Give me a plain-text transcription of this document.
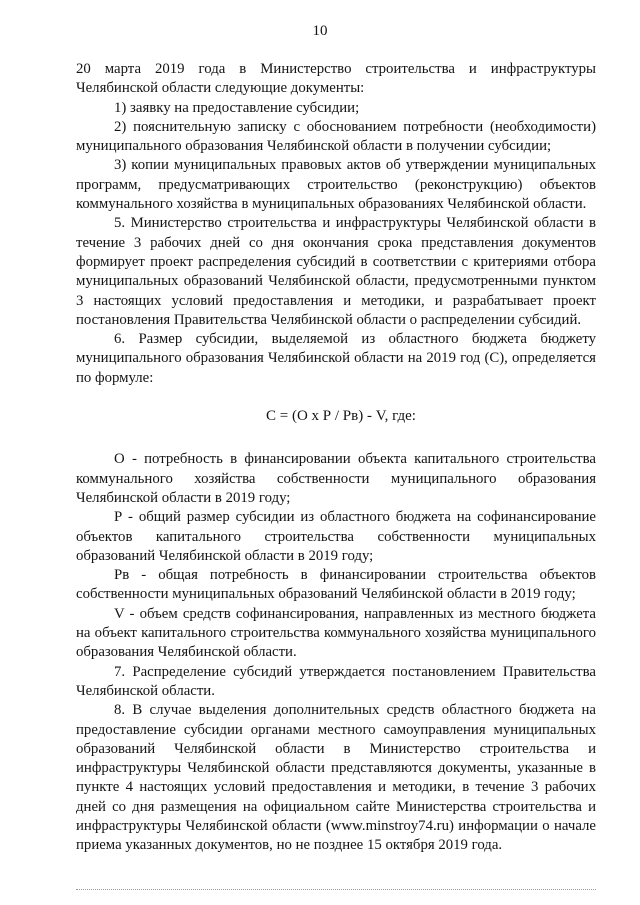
10

20 марта 2019 года в Министерство строительства и инфраструктуры Челябинской области следующие документы:

1) заявку на предоставление субсидии;

2) пояснительную записку с обоснованием потребности (необходимости) муниципального образования Челябинской области в получении субсидии;

3) копии муниципальных правовых актов об утверждении муниципальных программ, предусматривающих строительство (реконструкцию) объектов коммунального хозяйства в муниципальных образованиях Челябинской области.

5. Министерство строительства и инфраструктуры Челябинской области в течение 3 рабочих дней со дня окончания срока представления документов формирует проект распределения субсидий в соответствии с критериями отбора муниципальных образований Челябинской области, предусмотренными пунктом 3 настоящих условий предоставления и методики, и разрабатывает проект постановления Правительства Челябинской области о распределении субсидий.

6. Размер субсидии, выделяемой из областного бюджета бюджету муниципального образования Челябинской области на 2019 год (С), определяется по формуле:

С = (О х Р / Рв) - V, где:

О - потребность в финансировании объекта капитального строительства коммунального хозяйства собственности муниципального образования Челябинской области в 2019 году;

Р - общий размер субсидии из областного бюджета на софинансирование объектов капитального строительства собственности муниципальных образований Челябинской области в 2019 году;

Рв - общая потребность в финансировании строительства объектов собственности муниципальных образований Челябинской области в 2019 году;

V - объем средств софинансирования, направленных из местного бюджета на объект капитального строительства коммунального хозяйства муниципального образования Челябинской области.

7. Распределение субсидий утверждается постановлением Правительства Челябинской области.

8. В случае выделения дополнительных средств областного бюджета на предоставление субсидии органами местного самоуправления муниципальных образований Челябинской области в Министерство строительства и инфраструктуры Челябинской области представляются документы, указанные в пункте 4 настоящих условий предоставления и методики, в течение 3 рабочих дней со дня размещения на официальном сайте Министерства строительства и инфраструктуры Челябинской области (www.minstroy74.ru) информации о начале приема указанных документов, но не позднее 15 октября 2019 года.
